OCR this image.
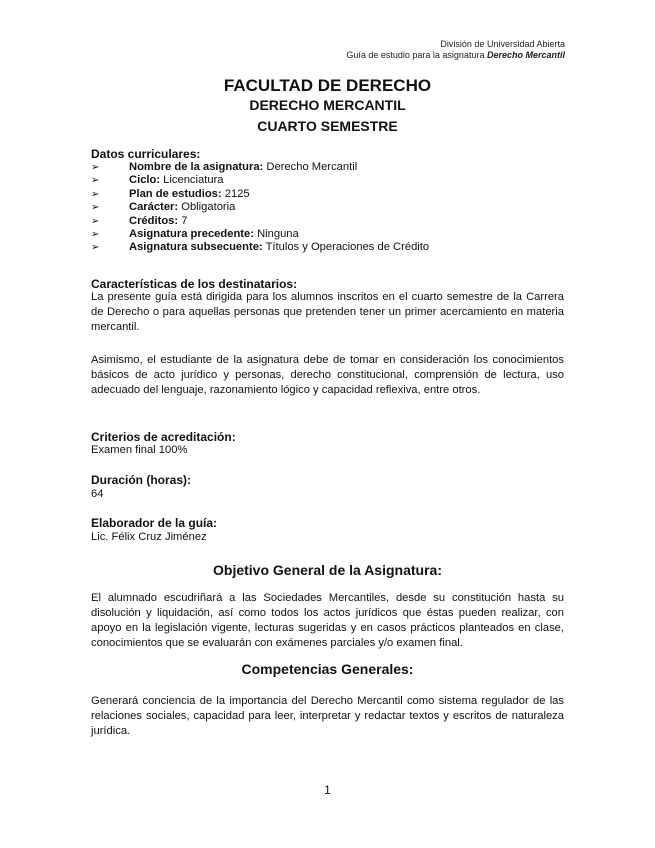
División de Universidad Abierta
Guía de estudio para la asignatura Derecho Mercantil
FACULTAD DE DERECHO
DERECHO MERCANTIL
CUARTO SEMESTRE
Datos curriculares:
➢	Nombre de la asignatura: Derecho Mercantil
➢	Ciclo: Licenciatura
➢	Plan de estudios: 2125
➢	Carácter: Obligatoria
➢	Créditos: 7
➢	Asignatura precedente: Ninguna
➢	Asignatura subsecuente: Títulos y Operaciones de Crédito
Características de los destinatarios:
La presente guía está dirigida para los alumnos inscritos en el cuarto semestre de la Carrera de Derecho o para aquellas personas que pretenden tener un primer acercamiento en materia mercantil.
Asimismo, el estudiante de la asignatura debe de tomar en consideración los conocimientos básicos de acto jurídico y personas, derecho constitucional, comprensión de lectura, uso adecuado del lenguaje, razonamiento lógico y capacidad reflexiva, entre otros.
Criterios de acreditación:
Examen final 100%
Duración (horas):
64
Elaborador de la guía:
Lic. Félix Cruz Jiménez
Objetivo General de la Asignatura:
El alumnado escudriñará a las Sociedades Mercantiles, desde su constitución hasta su disolución y liquidación, así como todos los actos jurídicos que éstas pueden realizar, con apoyo en la legislación vigente, lecturas sugeridas y en casos prácticos planteados en clase, conocimientos que se evaluarán con exámenes parciales y/o examen final.
Competencias Generales:
Generará conciencia de la importancia del Derecho Mercantil como sistema regulador de las relaciones sociales, capacidad para leer, interpretar y redactar textos y escritos de naturaleza jurídica.
1
